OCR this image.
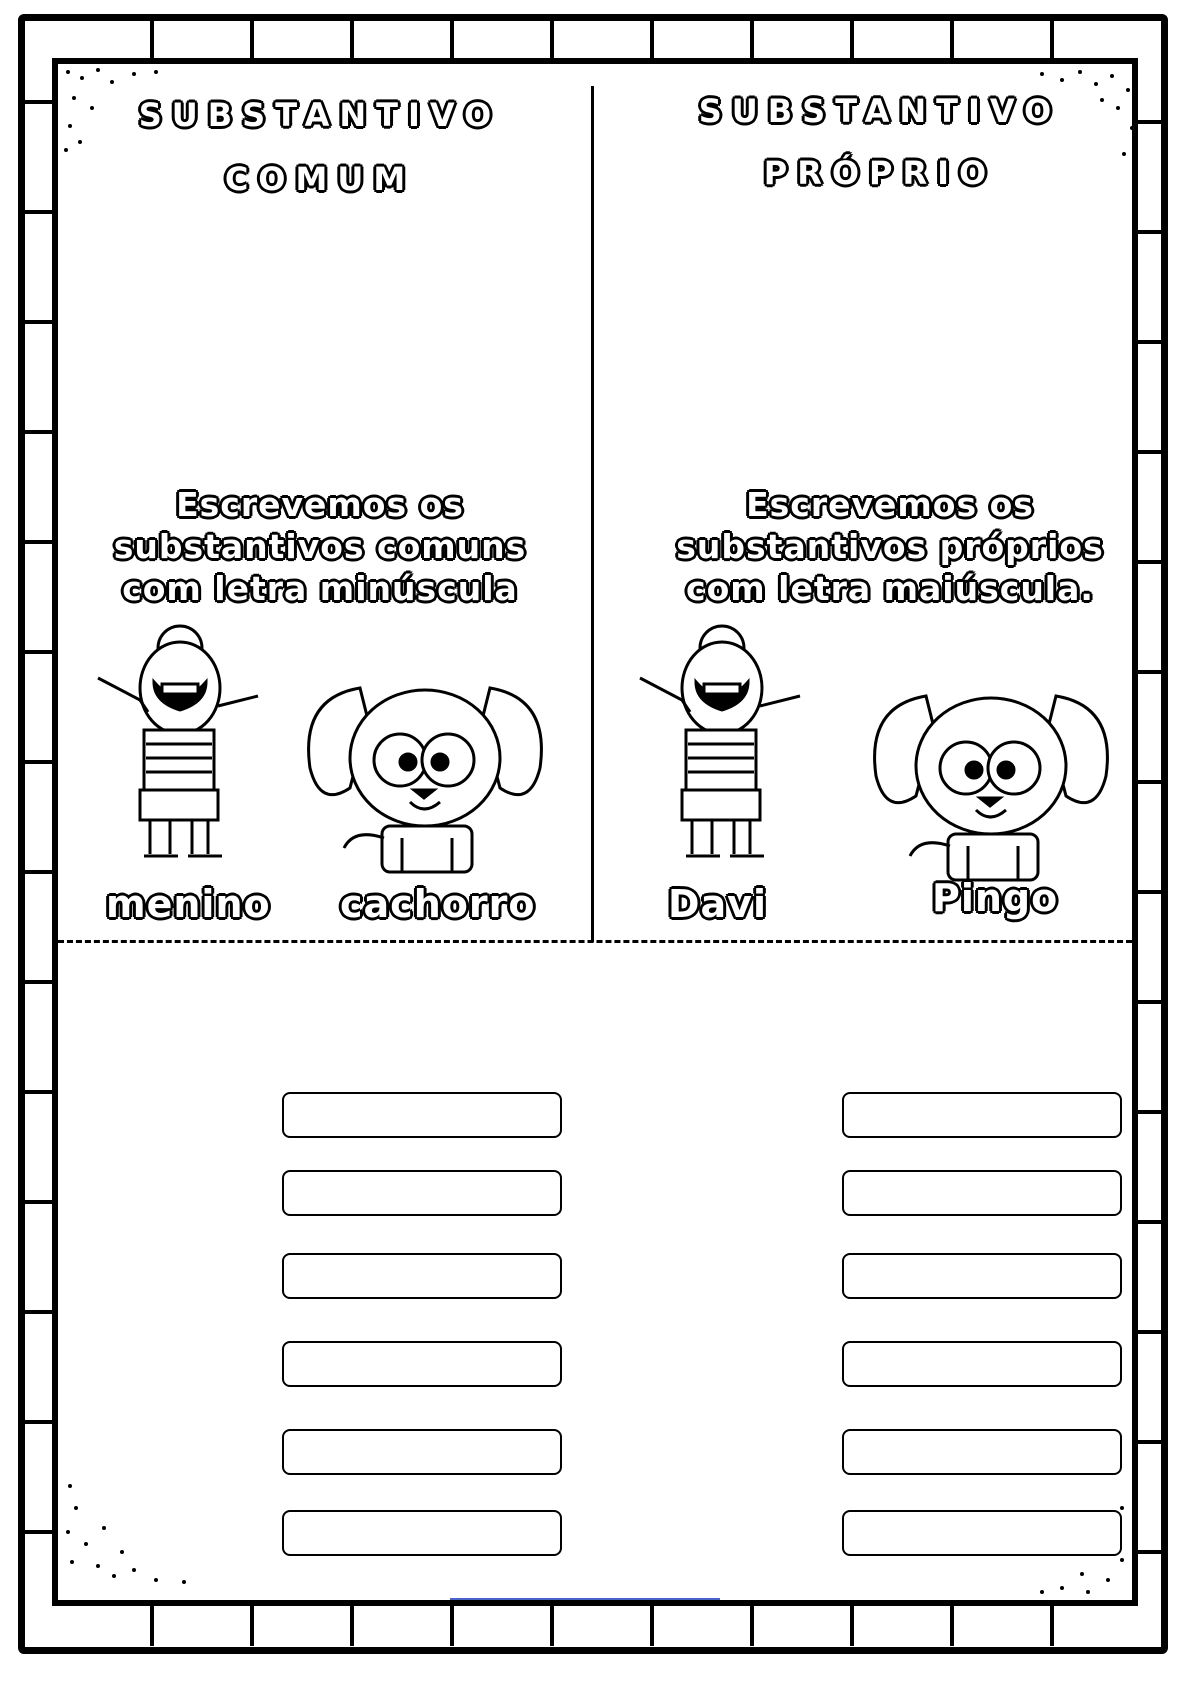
SUBSTANTIVO
COMUM
Escrevemos os substantivos comuns com letra minúscula
menino cachorro
SUBSTANTIVO
PRÓPRIO
Escrevemos os substantivos próprios com letra maiúscula.
Davi	Pingo
